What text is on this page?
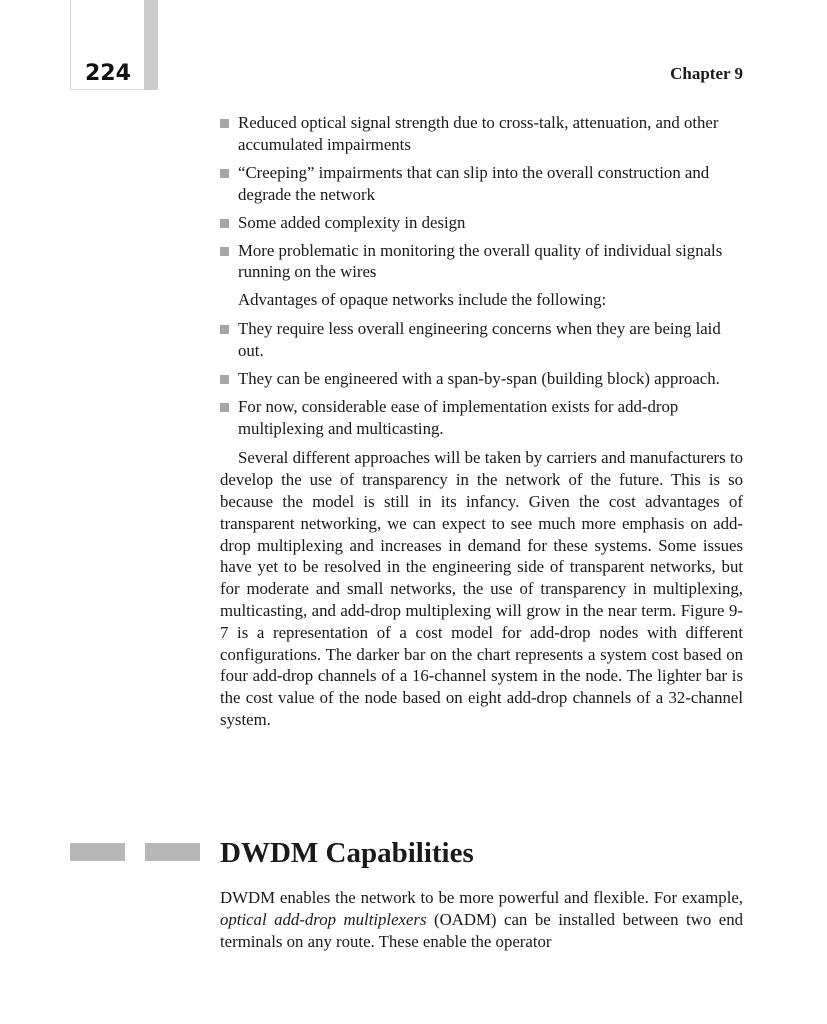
224	Chapter 9
Reduced optical signal strength due to cross-talk, attenuation, and other accumulated impairments
“Creeping” impairments that can slip into the overall construction and degrade the network
Some added complexity in design
More problematic in monitoring the overall quality of individual signals running on the wires

Advantages of opaque networks include the following:

They require less overall engineering concerns when they are being laid out.
They can be engineered with a span-by-span (building block) approach.
For now, considerable ease of implementation exists for add-drop multiplexing and multicasting.

Several different approaches will be taken by carriers and manufacturers to develop the use of transparency in the network of the future. This is so because the model is still in its infancy. Given the cost advantages of transparent networking, we can expect to see much more emphasis on add-drop multiplexing and increases in demand for these systems. Some issues have yet to be resolved in the engineering side of transparent networks, but for moderate and small networks, the use of transparency in multiplexing, multicasting, and add-drop multiplexing will grow in the near term. Figure 9-7 is a representation of a cost model for add-drop nodes with different configurations. The darker bar on the chart represents a system cost based on four add-drop channels of a 16-channel system in the node. The lighter bar is the cost value of the node based on eight add-drop channels of a 32-channel system.

DWDM Capabilities

DWDM enables the network to be more powerful and flexible. For example, optical add-drop multiplexers (OADM) can be installed between two end terminals on any route. These enable the operator
